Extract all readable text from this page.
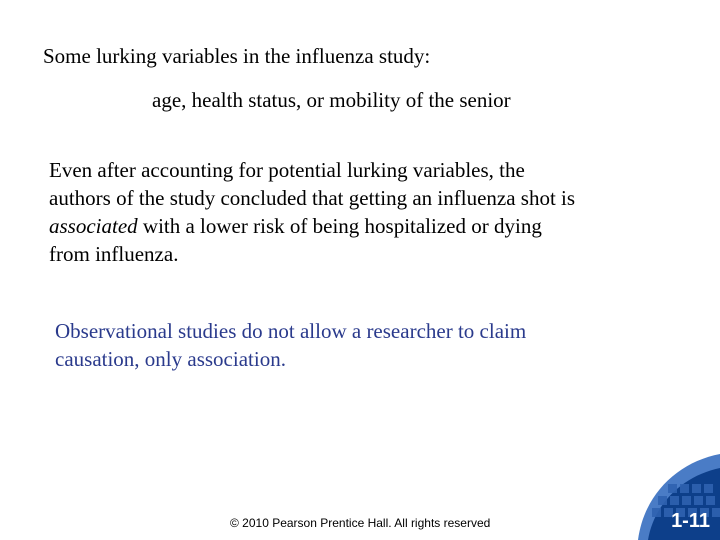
Some lurking variables in the influenza study:
age, health status, or mobility of the senior
Even after accounting for potential lurking variables, the
authors of the study concluded that getting an influenza shot is
associated with a lower risk of being hospitalized or dying
from influenza.
Observational studies do not allow a researcher to claim
causation, only association.
© 2010 Pearson Prentice Hall. All rights reserved	1-11
